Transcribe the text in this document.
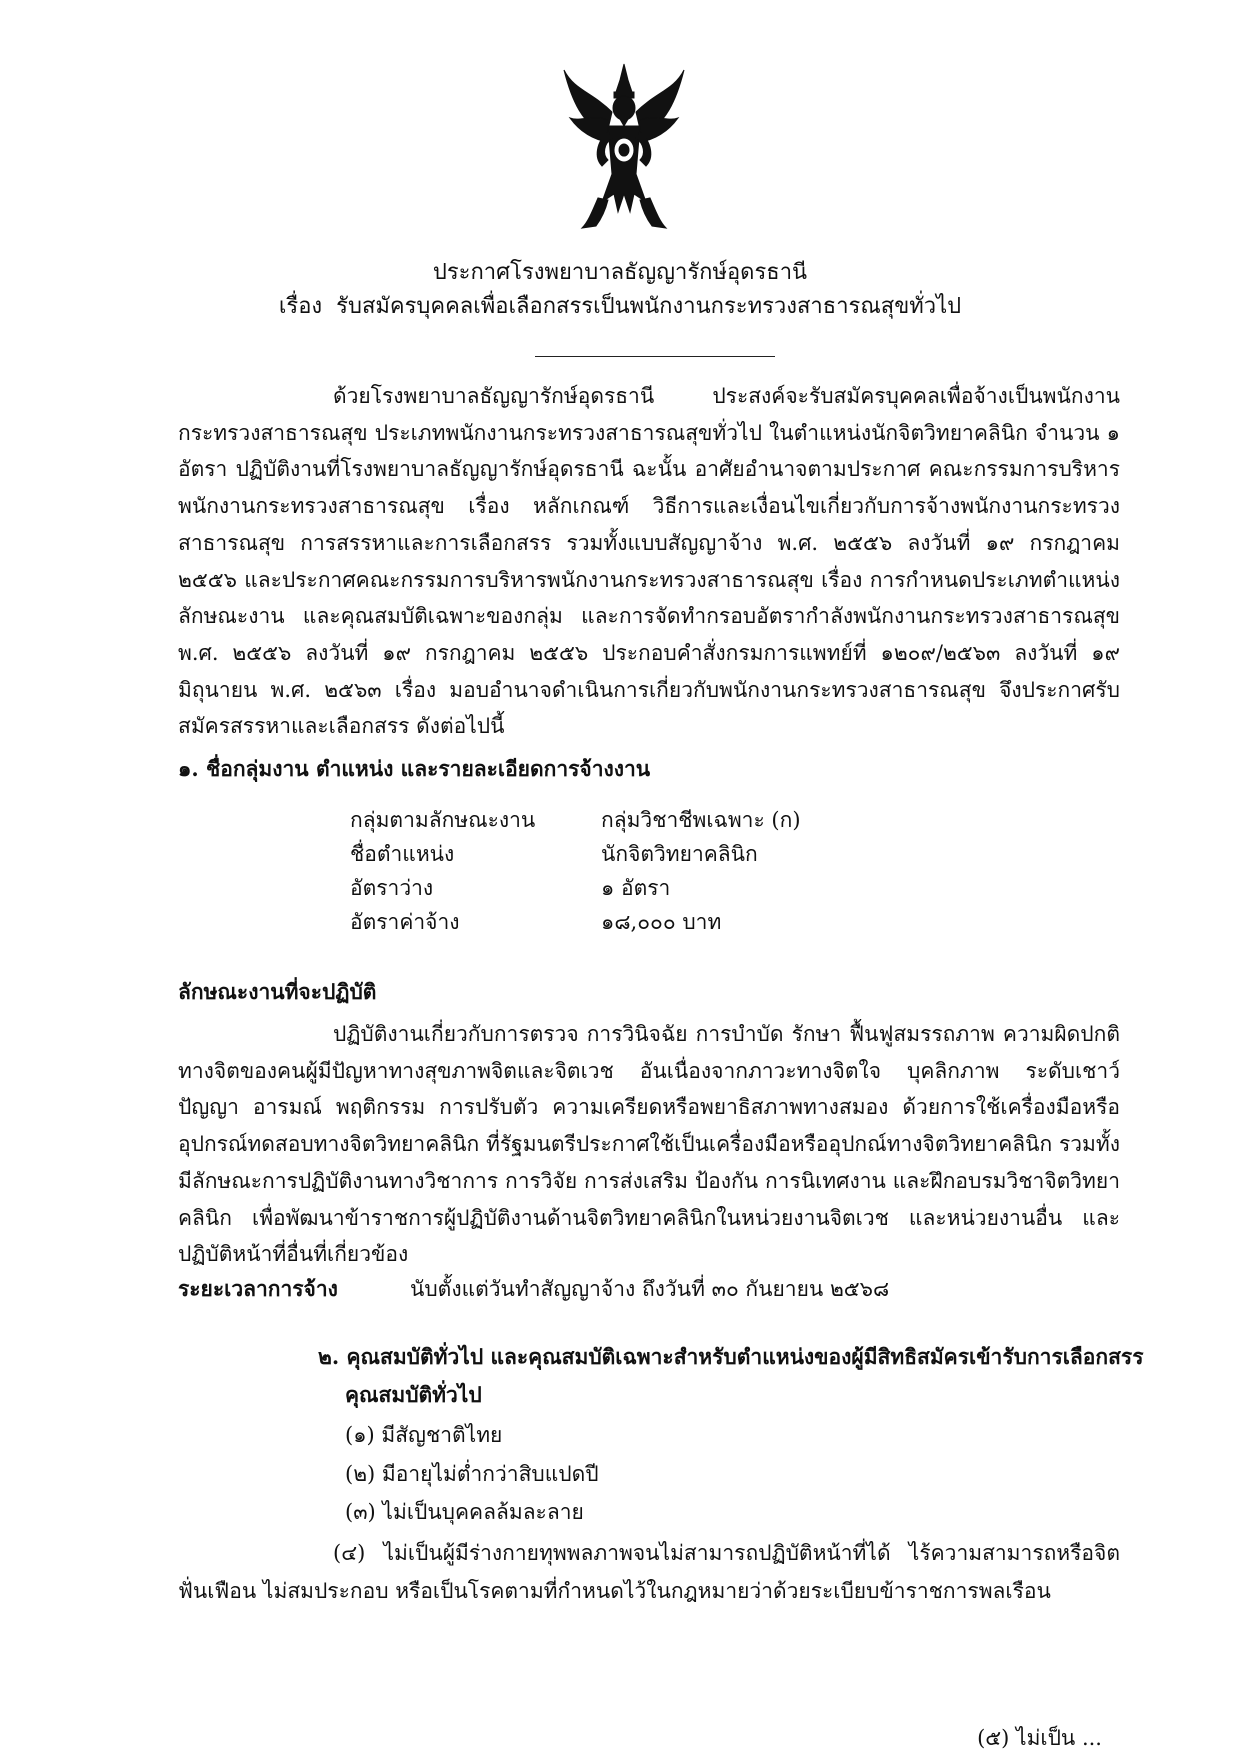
ประกาศโรงพยาบาลธัญญารักษ์อุดรธานี
เรื่อง รับสมัครบุคคลเพื่อเลือกสรรเป็นพนักงานกระทรวงสาธารณสุขทั่วไป

ด้วยโรงพยาบาลธัญญารักษ์อุดรธานี ประสงค์จะรับสมัครบุคคลเพื่อจ้างเป็นพนักงานกระทรวงสาธารณสุข ประเภทพนักงานกระทรวงสาธารณสุขทั่วไป ในตำแหน่งนักจิตวิทยาคลินิก จำนวน ๑ อัตรา ปฏิบัติงานที่โรงพยาบาลธัญญารักษ์อุดรธานี ฉะนั้น อาศัยอำนาจตามประกาศ คณะกรรมการบริหารพนักงานกระทรวงสาธารณสุข เรื่อง หลักเกณฑ์ วิธีการและเงื่อนไขเกี่ยวกับการจ้างพนักงานกระทรวงสาธารณสุข การสรรหาและการเลือกสรร รวมทั้งแบบสัญญาจ้าง พ.ศ. ๒๕๕๖ ลงวันที่ ๑๙ กรกฎาคม ๒๕๕๖ และประกาศคณะกรรมการบริหารพนักงานกระทรวงสาธารณสุข เรื่อง การกำหนดประเภทตำแหน่ง ลักษณะงาน และคุณสมบัติเฉพาะของกลุ่ม และการจัดทำกรอบอัตรากำลังพนักงานกระทรวงสาธารณสุข พ.ศ. ๒๕๕๖ ลงวันที่ ๑๙ กรกฎาคม ๒๕๕๖ ประกอบคำสั่งกรมการแพทย์ที่ ๑๒๐๙/๒๕๖๓ ลงวันที่ ๑๙ มิถุนายน พ.ศ. ๒๕๖๓ เรื่อง มอบอำนาจดำเนินการเกี่ยวกับพนักงานกระทรวงสาธารณสุข จึงประกาศรับสมัครสรรหาและเลือกสรร ดังต่อไปนี้

๑. ชื่อกลุ่มงาน ตำแหน่ง และรายละเอียดการจ้างงาน

กลุ่มตามลักษณะงาน	กลุ่มวิชาชีพเฉพาะ (ก)
ชื่อตำแหน่ง	นักจิตวิทยาคลินิก
อัตราว่าง	๑ อัตรา
อัตราค่าจ้าง	๑๘,๐๐๐ บาท

ลักษณะงานที่จะปฏิบัติ

ปฏิบัติงานเกี่ยวกับการตรวจ การวินิจฉัย การบำบัด รักษา ฟื้นฟูสมรรถภาพ ความผิดปกติทางจิตของคนผู้มีปัญหาทางสุขภาพจิตและจิตเวช อันเนื่องจากภาวะทางจิตใจ บุคลิกภาพ ระดับเชาว์ปัญญา อารมณ์ พฤติกรรม การปรับตัว ความเครียดหรือพยาธิสภาพทางสมอง ด้วยการใช้เครื่องมือหรืออุปกรณ์ทดสอบทางจิตวิทยาคลินิก ที่รัฐมนตรีประกาศใช้เป็นเครื่องมือหรืออุปกณ์ทางจิตวิทยาคลินิก รวมทั้งมีลักษณะการปฏิบัติงานทางวิชาการ การวิจัย การส่งเสริม ป้องกัน การนิเทศงาน และฝึกอบรมวิชาจิตวิทยาคลินิก เพื่อพัฒนาข้าราชการผู้ปฏิบัติงานด้านจิตวิทยาคลินิกในหน่วยงานจิตเวช และหน่วยงานอื่น และปฏิบัติหน้าที่อื่นที่เกี่ยวข้อง

ระยะเวลาการจ้าง	นับตั้งแต่วันทำสัญญาจ้าง ถึงวันที่ ๓๐ กันยายน ๒๕๖๘
๒. คุณสมบัติทั่วไป และคุณสมบัติเฉพาะสำหรับตำแหน่งของผู้มีสิทธิสมัครเข้ารับการเลือกสรร
คุณสมบัติทั่วไป
(๑) มีสัญชาติไทย
(๒) มีอายุไม่ต่ำกว่าสิบแปดปี
(๓) ไม่เป็นบุคคลล้มละลาย

(๔) ไม่เป็นผู้มีร่างกายทุพพลภาพจนไม่สามารถปฏิบัติหน้าที่ได้ ไร้ความสามารถหรือจิตฟั่นเฟือน ไม่สมประกอบ หรือเป็นโรคตามที่กำหนดไว้ในกฎหมายว่าด้วยระเบียบข้าราชการพลเรือน

(๕) ไม่เป็น ...
